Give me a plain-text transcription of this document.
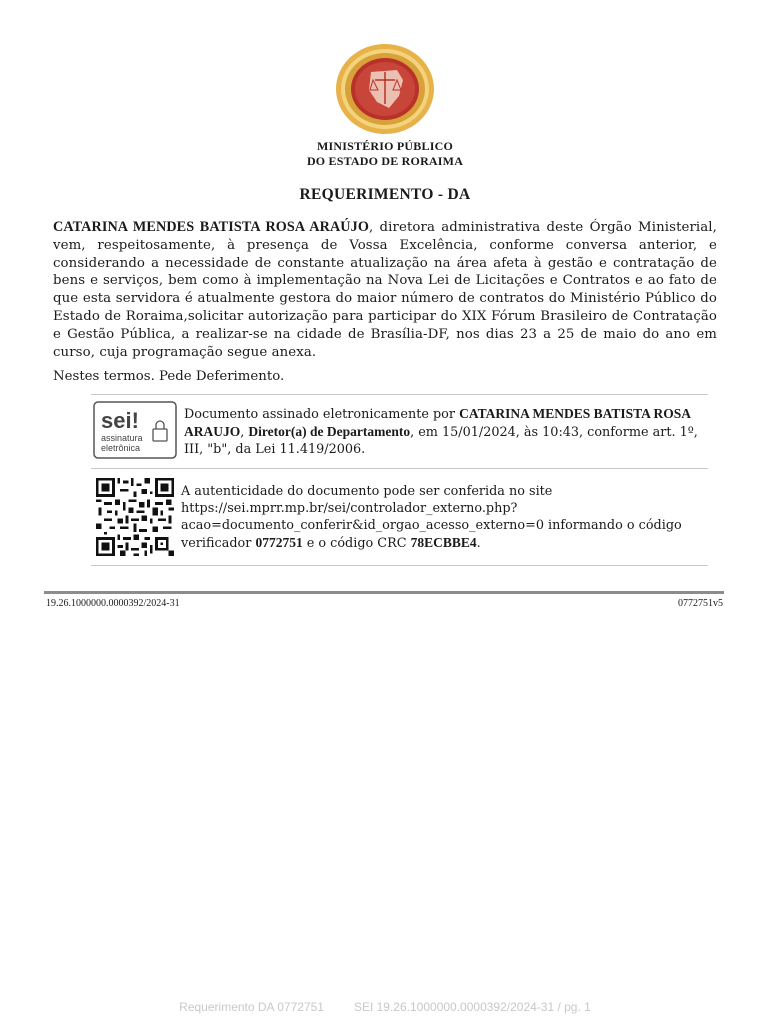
MINISTÉRIO PÚBLICO
DO ESTADO DE RORAIMA
REQUERIMENTO - DA
CATARINA MENDES BATISTA ROSA ARAÚJO, diretora administrativa deste Órgão Ministerial, vem, respeitosamente, à presença de Vossa Excelência, conforme conversa anterior, e considerando a necessidade de constante atualização na área afeta à gestão e contratação de bens e serviços, bem como à implementação na Nova Lei de Licitações e Contratos e ao fato de que esta servidora é atualmente gestora do maior número de contratos do Ministério Público do Estado de Roraima,solicitar autorização para participar do XIX Fórum Brasileiro de Contratação e Gestão Pública, a realizar-se na cidade de Brasília-DF, nos dias 23 a 25 de maio do ano em curso, cuja programação segue anexa.
Nestes termos. Pede Deferimento.
sei!
assinatura
eletrônica
Documento assinado eletronicamente por CATARINA MENDES BATISTA ROSA ARAUJO, Diretor(a) de Departamento, em 15/01/2024, às 10:43, conforme art. 1º, III, "b", da Lei 11.419/2006.
A autenticidade do documento pode ser conferida no site https://sei.mprr.mp.br/sei/controlador_externo.php?acao=documento_conferir&id_orgao_acesso_externo=0 informando o código verificador 0772751 e o código CRC 78ECBBE4.
19.26.1000000.0000392/2024-31	0772751v5
Requerimento DA 0772751	SEI 19.26.1000000.0000392/2024-31 / pg. 1
